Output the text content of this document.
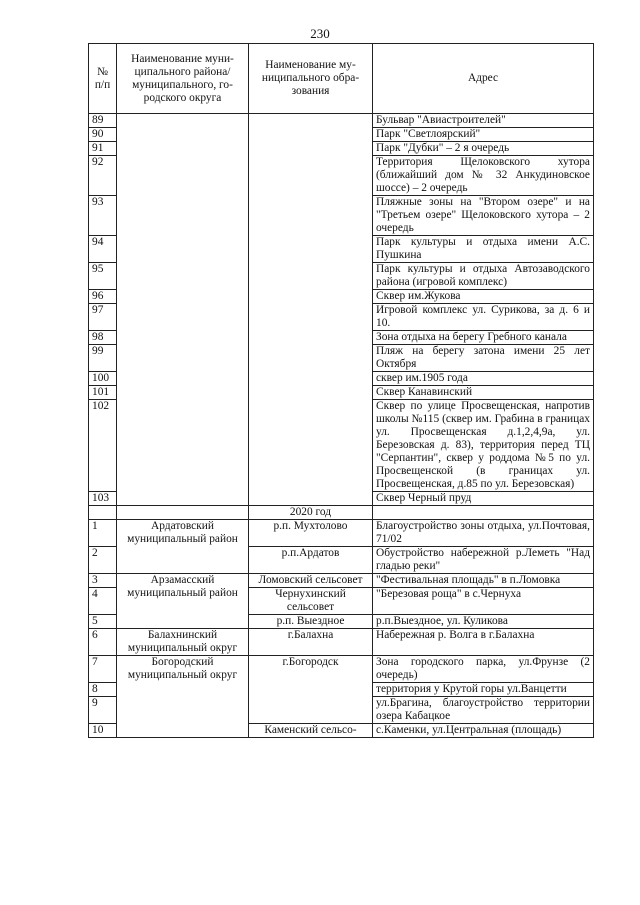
230
№
п/п	Наименование муни-
ципального района/
муниципального, го-
родского округа	Наименование му-
ниципального обра-
зования	Адрес
89			Бульвар "Авиастроителей"
90			Парк "Светлоярский"
91			Парк "Дубки" – 2 я очередь
92			Территория Щелоковского хутора (ближайший дом № 32 Анкудиновское шоссе) – 2 очередь
93			Пляжные зоны на "Втором озере" и на "Третьем озере" Щелоковского хутора – 2 очередь
94			Парк культуры и отдыха имени А.С. Пушкина
95			Парк культуры и отдыха Автозаводского района (игровой комплекс)
96			Сквер им.Жукова
97			Игровой комплекс ул. Сурикова, за д. 6 и 10.
98			Зона отдыха на берегу Гребного канала
99			Пляж на берегу затона имени 25 лет Октября
100			сквер им.1905 года
101			Сквер Канавинский
102			Сквер по улице Просвещенская, напротив школы №115 (сквер им. Грабина в границах ул. Просвещенская д.1,2,4,9а, ул. Березовская д. 83), территория перед ТЦ "Серпантин", сквер у роддома №5 по ул. Просвещенской (в границах ул. Просвещенская, д.85 по ул. Березовская)
103			Сквер Черный пруд
		2020 год	
1	Ардатовский муниципальный район	р.п. Мухтолово	Благоустройство зоны отдыха, ул.Почтовая, 71/02
2		р.п.Ардатов	Обустройство набережной р.Леметь "Над гладью реки"
3	Арзамасский муниципальный район	Ломовский сельсовет	"Фестивальная площадь" в п.Ломовка
4		Чернухинский сельсовет	"Березовая роща" в с.Чернуха
5		р.п. Выездное	р.п.Выездное, ул. Куликова
6	Балахнинский муниципальный округ	г.Балахна	Набережная р. Волга в г.Балахна
7	Богородский муниципальный округ	г.Богородск	Зона городского парка, ул.Фрунзе (2 очередь)
8			территория у Крутой горы ул.Ванцетти
9			ул.Брагина, благоустройство территории озера Кабацкое
10		Каменский сельсо-	с.Каменки, ул.Центральная (площадь)
